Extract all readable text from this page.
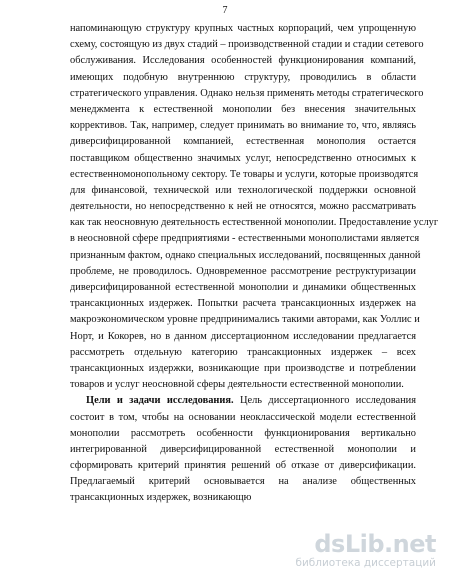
7
напоминающую структуру крупных частных корпораций, чем упрощенную
схему, состоящую из двух стадий – производственной стадии и стадии сетевого
обслуживания. Исследования особенностей функционирования компаний,
имеющих подобную внутреннюю структуру, проводились в области
стратегического управления. Однако нельзя применять методы стратегического
менеджмента к естественной монополии без внесения значительных
коррективов. Так, например, следует принимать во внимание то, что, являясь
диверсифицированной компанией, естественная монополия остается
поставщиком общественно значимых услуг, непосредственно относимых к
естественномонопольному сектору. Те товары и услуги, которые производятся
для финансовой, технической или технологической поддержки основной
деятельности, но непосредственно к ней не относятся, можно рассматривать
как так неосновную деятельность естественной монополии. Предоставление услуг
в неосновной сфере предприятиями - естественными монополистами является
признанным фактом, однако специальных исследований, посвященных данной
проблеме, не проводилось. Одновременное рассмотрение реструктуризации
диверсифицированной естественной монополии и динамики общественных
трансакционных издержек. Попытки расчета трансакционных издержек на
макроэкономическом уровне предпринимались такими авторами, как Уоллис и
Норт, и Кокорев, но в данном диссертационном исследовании предлагается
рассмотреть отдельную категорию трансакционных издержек – всех
трансакционных издержки, возникающие при производстве и потреблении
товаров и услуг неосновной сферы деятельности естественной монополии.
Цели и задачи исследования. Цель диссертационного исследования
состоит в том, чтобы на основании неоклассической модели естественной
монополии рассмотреть особенности функционирования вертикально
интегрированной диверсифицированной естественной монополии и
сформировать критерий принятия решений об отказе от диверсификации.
Предлагаемый критерий основывается на анализе общественных
трансакционных издержек, возникающю
dsLib.net
библиотека диссертаций
